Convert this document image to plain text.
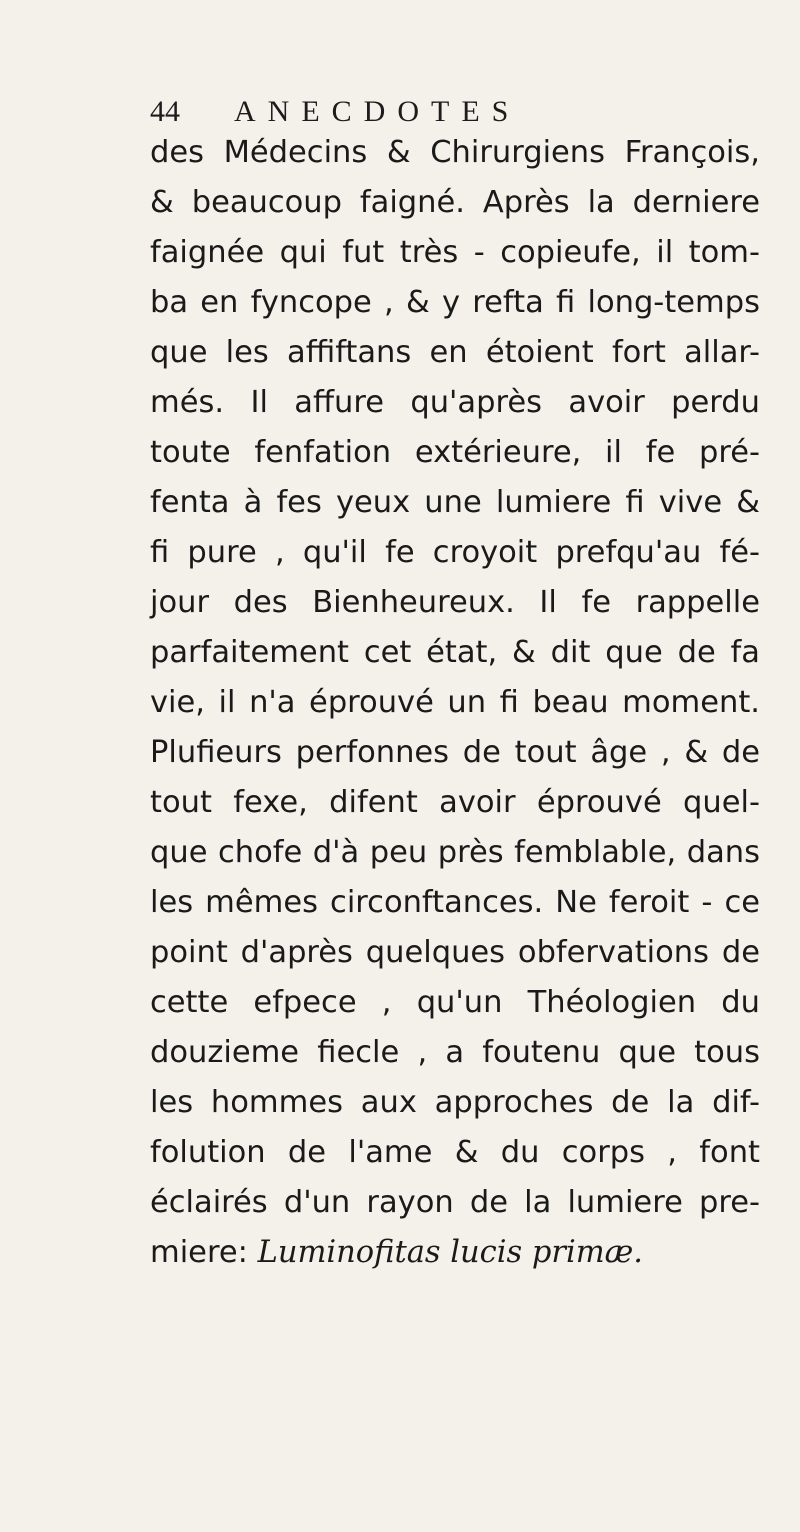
44 ANECDOTES
des Médecins & Chirurgiens François,
& beaucoup faigné. Après la derniere
faignée qui fut très - copieufe, il tom-
ba en fyncope , & y refta fi long-temps
que les affiftans en étoient fort allar-
més. Il affure qu'après avoir perdu
toute fenfation extérieure, il fe pré-
fenta à fes yeux une lumiere fi vive &
fi pure , qu'il fe croyoit prefqu'au fé-
jour des Bienheureux. Il fe rappelle
parfaitement cet état, & dit que de fa
vie, il n'a éprouvé un fi beau moment.
Plufieurs perfonnes de tout âge , & de
tout fexe, difent avoir éprouvé quel-
que chofe d'à peu près femblable, dans
les mêmes circonftances. Ne feroit - ce
point d'après quelques obfervations de
cette efpece , qu'un Théologien du
douzieme fiecle , a foutenu que tous
les hommes aux approches de la dif-
folution de l'ame & du corps , font
éclairés d'un rayon de la lumiere pre-
miere: Luminofitas lucis primæ.
